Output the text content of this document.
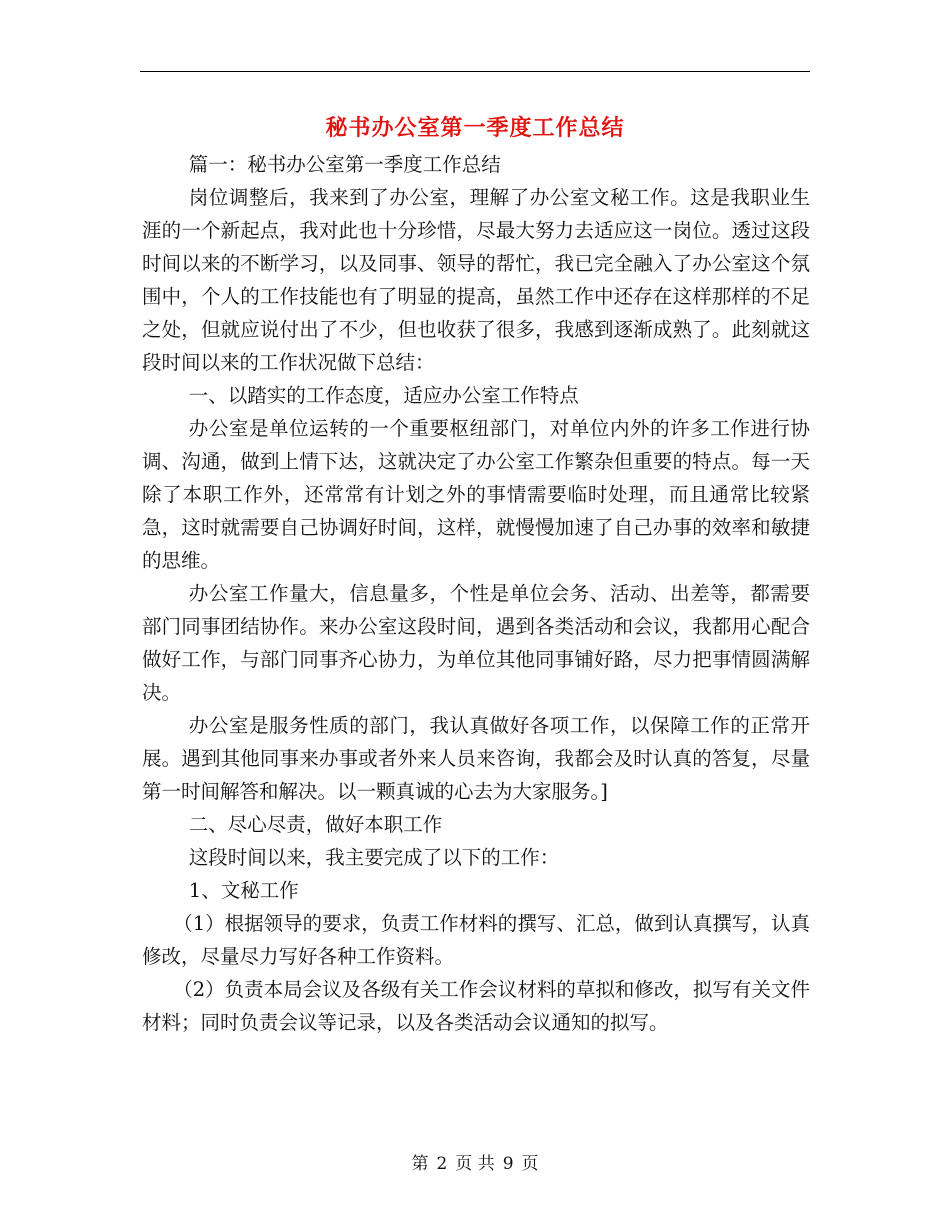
秘书办公室第一季度工作总结

篇一：秘书办公室第一季度工作总结

岗位调整后，我来到了办公室，理解了办公室文秘工作。这是我职业生涯的一个新起点，我对此也十分珍惜，尽最大努力去适应这一岗位。透过这段时间以来的不断学习，以及同事、领导的帮忙，我已完全融入了办公室这个氛围中，个人的工作技能也有了明显的提高，虽然工作中还存在这样那样的不足之处，但就应说付出了不少，但也收获了很多，我感到逐渐成熟了。此刻就这段时间以来的工作状况做下总结：

一、以踏实的工作态度，适应办公室工作特点

办公室是单位运转的一个重要枢纽部门，对单位内外的许多工作进行协调、沟通，做到上情下达，这就决定了办公室工作繁杂但重要的特点。每一天除了本职工作外，还常常有计划之外的事情需要临时处理，而且通常比较紧急，这时就需要自己协调好时间，这样，就慢慢加速了自己办事的效率和敏捷的思维。

办公室工作量大，信息量多，个性是单位会务、活动、出差等，都需要部门同事团结协作。来办公室这段时间，遇到各类活动和会议，我都用心配合做好工作，与部门同事齐心协力，为单位其他同事铺好路，尽力把事情圆满解决。

办公室是服务性质的部门，我认真做好各项工作，以保障工作的正常开展。遇到其他同事来办事或者外来人员来咨询，我都会及时认真的答复，尽量第一时间解答和解决。以一颗真诚的心去为大家服务。]

二、尽心尽责，做好本职工作

这段时间以来，我主要完成了以下的工作：

1、文秘工作

（1）根据领导的要求，负责工作材料的撰写、汇总，做到认真撰写，认真修改，尽量尽力写好各种工作资料。

（2）负责本局会议及各级有关工作会议材料的草拟和修改，拟写有关文件材料；同时负责会议等记录，以及各类活动会议通知的拟写。

第 2 页 共 9 页
